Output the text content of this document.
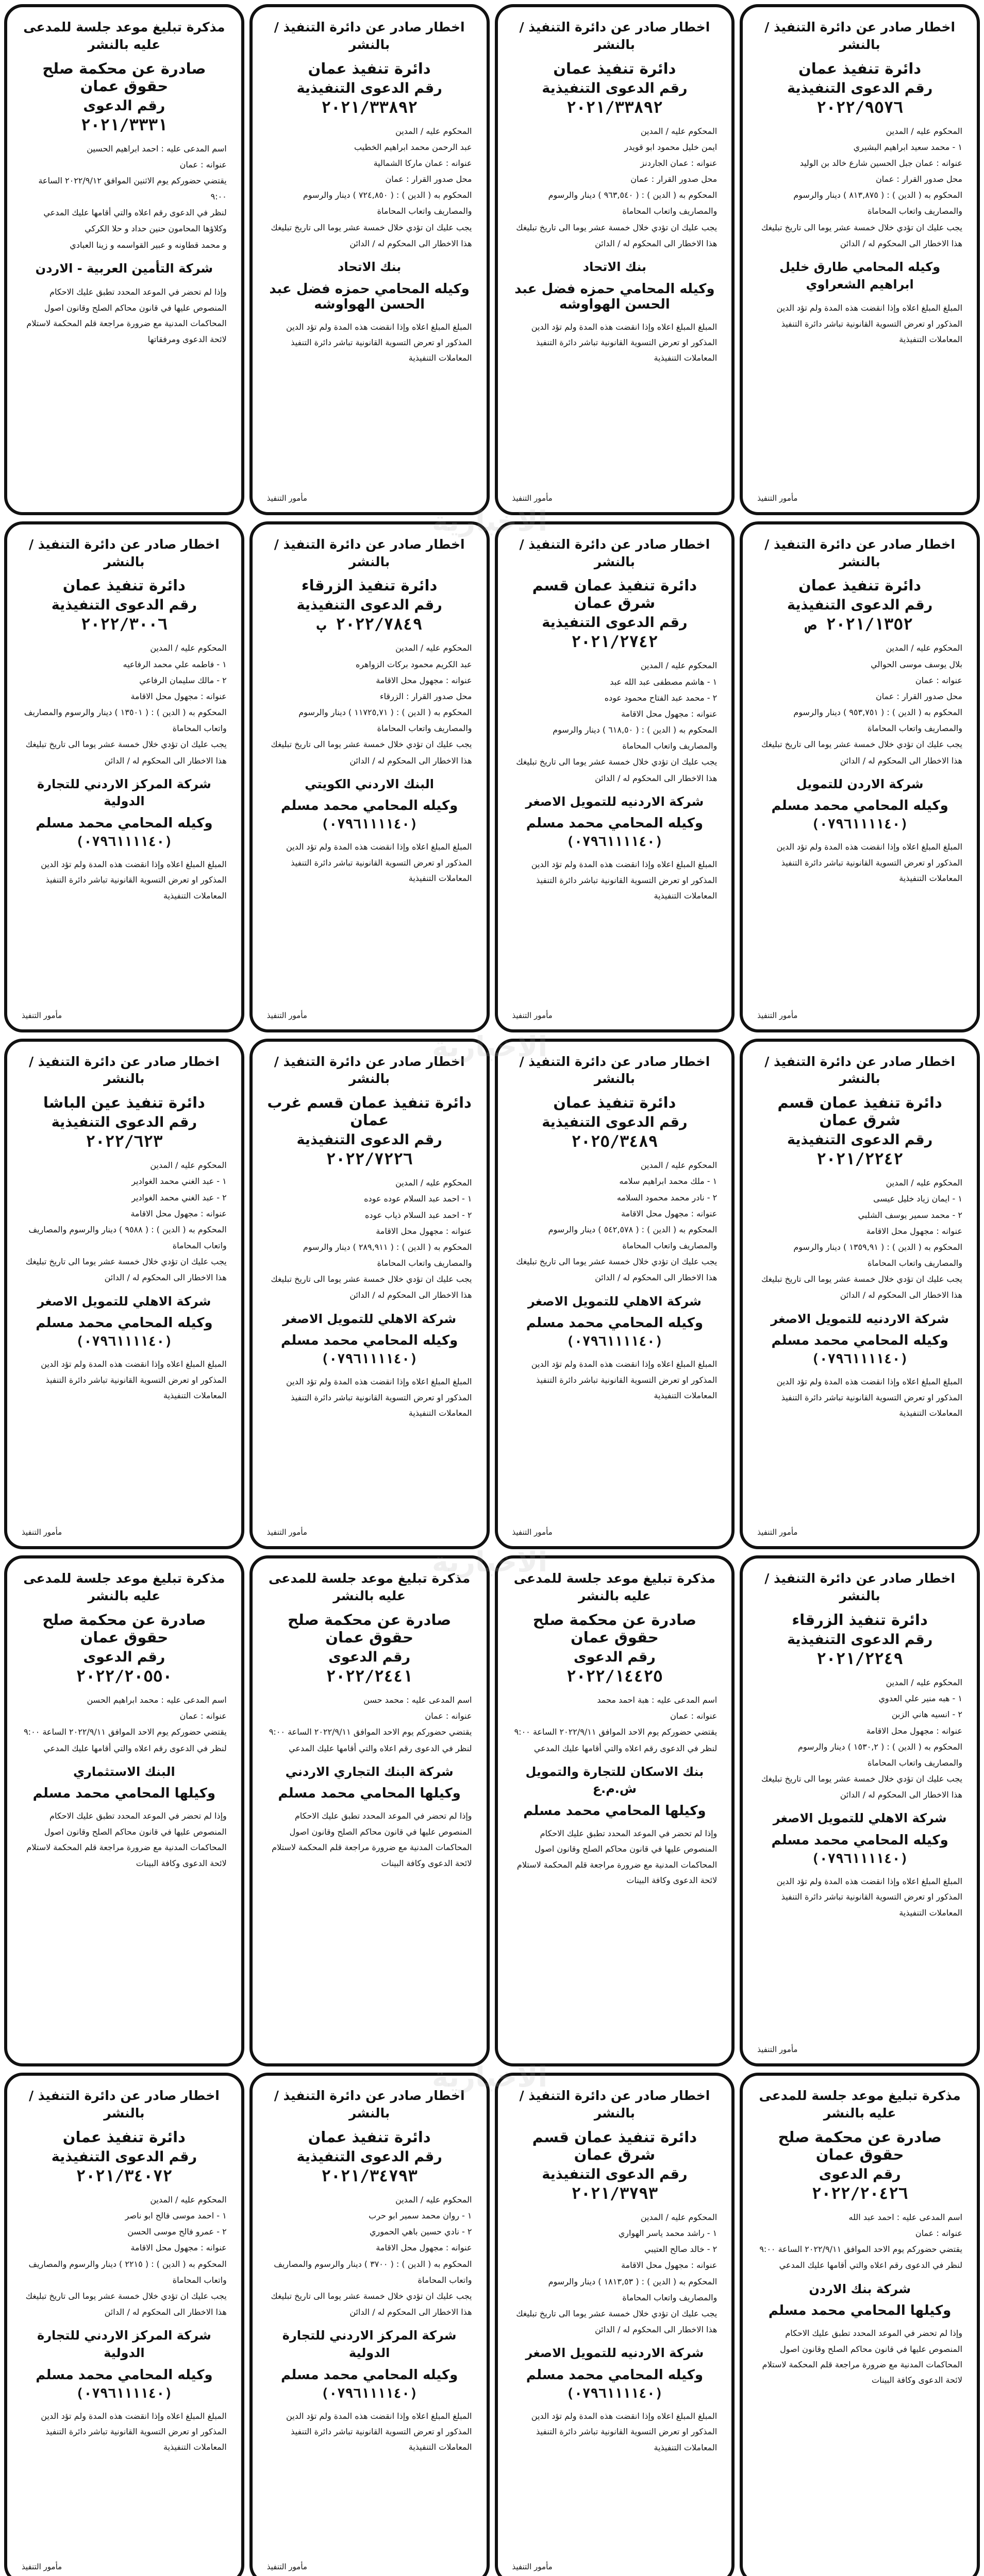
اخطار صادر عن دائرة التنفيذ / بالنشر
دائرة تنفيذ عمان
رقم الدعوى التنفيذية
٢٠٢٢/٩٥٧٦
المحكوم عليه / المدين
١ - محمد سعيد ابراهيم البشيري
عنوانه : عمان جبل الحسين شارع خالد بن الوليد
محل صدور القرار : عمان
المحكوم به ( الدين ) : ( ٨١٣,٨٧٥ ) دينار والرسوم والمصاريف واتعاب المحاماة
يجب عليك ان تؤدي خلال خمسة عشر يوما الى تاريخ تبليغك هذا الاخطار الى المحكوم له / الدائن
وكيله المحامي طارق خليل ابراهيم الشعراوي
المبلغ المبلغ اعلاه وإذا انقضت هذه المدة ولم تؤد الدين المذكور او تعرض التسوية القانونية تباشر دائرة التنفيذ المعاملات التنفيذية
مأمور التنفيذ
اخطار صادر عن دائرة التنفيذ / بالنشر
دائرة تنفيذ عمان
رقم الدعوى التنفيذية
٢٠٢١/٣٣٨٩٢
المحكوم عليه / المدين
ايمن خليل محمود ابو قويدر
عنوانه : عمان الجاردنز
محل صدور القرار : عمان
المحكوم به ( الدين ) : ( ٩٦٣,٥٤٠ ) دينار والرسوم والمصاريف واتعاب المحاماة
يجب عليك ان تؤدي خلال خمسة عشر يوما الى تاريخ تبليغك هذا الاخطار الى المحكوم له / الدائن
بنك الاتحاد
وكيله المحامي حمزه فضل عبد الحسن الهواوشه
المبلغ المبلغ اعلاه وإذا انقضت هذه المدة ولم تؤد الدين المذكور او تعرض التسوية القانونية تباشر دائرة التنفيذ المعاملات التنفيذية
مأمور التنفيذ
اخطار صادر عن دائرة التنفيذ / بالنشر
دائرة تنفيذ عمان
رقم الدعوى التنفيذية
٢٠٢١/٣٣٨٩٢
المحكوم عليه / المدين
عبد الرحمن محمد ابراهيم الخطيب
عنوانه : عمان ماركا الشمالية
محل صدور القرار : عمان
المحكوم به ( الدين ) : ( ٧٢٤,٨٥٠ ) دينار والرسوم والمصاريف واتعاب المحاماة
يجب عليك ان تؤدي خلال خمسة عشر يوما الى تاريخ تبليغك هذا الاخطار الى المحكوم له / الدائن
بنك الاتحاد
وكيله المحامي حمزه فضل عبد الحسن الهواوشه
المبلغ المبلغ اعلاه وإذا انقضت هذه المدة ولم تؤد الدين المذكور او تعرض التسوية القانونية تباشر دائرة التنفيذ المعاملات التنفيذية
مأمور التنفيذ
مذكرة تبليغ موعد جلسة للمدعى عليه بالنشر
صادرة عن محكمة صلح حقوق عمان
رقم الدعوى
٢٠٢١/٣٣٣١
اسم المدعى عليه : احمد ابراهيم الحسين
عنوانه : عمان
يقتضي حضوركم يوم الاثنين الموافق ٢٠٢٢/٩/١٢ الساعة ٩:٠٠
لنظر في الدعوى رقم اعلاه والتي أقامها عليك المدعي
وكلاؤها المحامون حنين حداد و حلا الكركي
و محمد قطاونه و عبير القواسمه و زينا العبادي
شركة التأمين العربية - الاردن
وإذا لم تحضر في الموعد المحدد تطبق عليك الاحكام المنصوص عليها في قانون محاكم الصلح وقانون اصول المحاكمات المدنية مع ضرورة مراجعة قلم المحكمة لاستلام لائحة الدعوى ومرفقاتها
اخطار صادر عن دائرة التنفيذ / بالنشر
دائرة تنفيذ عمان
رقم الدعوى التنفيذية
٢٠٢١/١٣٥٢ ص
المحكوم عليه / المدين
بلال يوسف موسى الحوالي
عنوانه : عمان
محل صدور القرار : عمان
المحكوم به ( الدين ) : ( ٩٥٣,٧٥١ ) دينار والرسوم والمصاريف واتعاب المحاماة
يجب عليك ان تؤدي خلال خمسة عشر يوما الى تاريخ تبليغك هذا الاخطار الى المحكوم له / الدائن
شركة الاردن للتمويل
وكيله المحامي محمد مسلم
(٠٧٩٦١١١١٤٠)
المبلغ المبلغ اعلاه وإذا انقضت هذه المدة ولم تؤد الدين المذكور او تعرض التسوية القانونية تباشر دائرة التنفيذ المعاملات التنفيذية
مأمور التنفيذ
اخطار صادر عن دائرة التنفيذ / بالنشر
دائرة تنفيذ عمان قسم شرق عمان
رقم الدعوى التنفيذية
٢٠٢١/٢٧٤٢
المحكوم عليه / المدين
١ - هاشم مصطفى عبد الله عبد
٢ - محمد عبد الفتاح محمود عوده
عنوانه : مجهول محل الاقامة
المحكوم به ( الدين ) : ( ٦١٨,٥٠ ) دينار والرسوم والمصاريف واتعاب المحاماة
يجب عليك ان تؤدي خلال خمسة عشر يوما الى تاريخ تبليغك هذا الاخطار الى المحكوم له / الدائن
شركة الاردنيه للتمويل الاصغر
وكيله المحامي محمد مسلم
(٠٧٩٦١١١١٤٠)
المبلغ المبلغ اعلاه وإذا انقضت هذه المدة ولم تؤد الدين المذكور او تعرض التسوية القانونية تباشر دائرة التنفيذ المعاملات التنفيذية
مأمور التنفيذ
اخطار صادر عن دائرة التنفيذ / بالنشر
دائرة تنفيذ الزرقاء
رقم الدعوى التنفيذية
٢٠٢٢/٧٨٤٩ ب
المحكوم عليه / المدين
عبد الكريم محمود بركات الزواهره
عنوانه : مجهول محل الاقامة
محل صدور القرار : الزرقاء
المحكوم به ( الدين ) : ( ١١٧٢٥,٧١ ) دينار والرسوم والمصاريف واتعاب المحاماة
يجب عليك ان تؤدي خلال خمسة عشر يوما الى تاريخ تبليغك هذا الاخطار الى المحكوم له / الدائن
البنك الاردني الكويتي
وكيله المحامي محمد مسلم
(٠٧٩٦١١١١٤٠)
المبلغ المبلغ اعلاه وإذا انقضت هذه المدة ولم تؤد الدين المذكور او تعرض التسوية القانونية تباشر دائرة التنفيذ المعاملات التنفيذية
مأمور التنفيذ
اخطار صادر عن دائرة التنفيذ / بالنشر
دائرة تنفيذ عمان
رقم الدعوى التنفيذية
٢٠٢٢/٣٠٠٦
المحكوم عليه / المدين
١ - فاطمه علي محمد الرفاعيه
٢ - مالك سليمان الرفاعي
عنوانه : مجهول محل الاقامة
المحكوم به ( الدين ) : ( ١٣٥٠١ ) دينار والرسوم والمصاريف واتعاب المحاماة
يجب عليك ان تؤدي خلال خمسة عشر يوما الى تاريخ تبليغك هذا الاخطار الى المحكوم له / الدائن
شركة المركز الاردني للتجارة الدولية
وكيله المحامي محمد مسلم
(٠٧٩٦١١١١٤٠)
المبلغ المبلغ اعلاه وإذا انقضت هذه المدة ولم تؤد الدين المذكور او تعرض التسوية القانونية تباشر دائرة التنفيذ المعاملات التنفيذية
مأمور التنفيذ
اخطار صادر عن دائرة التنفيذ / بالنشر
دائرة تنفيذ عمان قسم شرق عمان
رقم الدعوى التنفيذية
٢٠٢١/٢٢٤٢
المحكوم عليه / المدين
١ - ايمان زياد خليل عيسى
٢ - محمد سمير يوسف الشلبي
عنوانه : مجهول محل الاقامة
المحكوم به ( الدين ) : ( ١٣٥٩,٩١ ) دينار والرسوم والمصاريف واتعاب المحاماة
يجب عليك ان تؤدي خلال خمسة عشر يوما الى تاريخ تبليغك هذا الاخطار الى المحكوم له / الدائن
شركة الاردنيه للتمويل الاصغر
وكيله المحامي محمد مسلم
(٠٧٩٦١١١١٤٠)
المبلغ المبلغ اعلاه وإذا انقضت هذه المدة ولم تؤد الدين المذكور او تعرض التسوية القانونية تباشر دائرة التنفيذ المعاملات التنفيذية
مأمور التنفيذ
اخطار صادر عن دائرة التنفيذ / بالنشر
دائرة تنفيذ عمان
رقم الدعوى التنفيذية
٢٠٢٥/٣٤٨٩
المحكوم عليه / المدين
١ - ملك محمد ابراهيم سلامه
٢ - نادر محمد محمود السلامه
عنوانه : مجهول محل الاقامة
المحكوم به ( الدين ) : ( ٥٤٢,٥٧٨ ) دينار والرسوم والمصاريف واتعاب المحاماة
يجب عليك ان تؤدي خلال خمسة عشر يوما الى تاريخ تبليغك هذا الاخطار الى المحكوم له / الدائن
شركة الاهلي للتمويل الاصغر
وكيله المحامي محمد مسلم
(٠٧٩٦١١١١٤٠)
المبلغ المبلغ اعلاه وإذا انقضت هذه المدة ولم تؤد الدين المذكور او تعرض التسوية القانونية تباشر دائرة التنفيذ المعاملات التنفيذية
مأمور التنفيذ
اخطار صادر عن دائرة التنفيذ / بالنشر
دائرة تنفيذ عمان قسم غرب عمان
رقم الدعوى التنفيذية
٢٠٢٢/٧٢٢٦
المحكوم عليه / المدين
١ - احمد عبد السلام عوده عوده
٢ - احمد عبد السلام ذياب عوده
عنوانه : مجهول محل الاقامة
المحكوم به ( الدين ) : ( ٢٨٩,٩١١ ) دينار والرسوم والمصاريف واتعاب المحاماة
يجب عليك ان تؤدي خلال خمسة عشر يوما الى تاريخ تبليغك هذا الاخطار الى المحكوم له / الدائن
شركة الاهلي للتمويل الاصغر
وكيله المحامي محمد مسلم
(٠٧٩٦١١١١٤٠)
المبلغ المبلغ اعلاه وإذا انقضت هذه المدة ولم تؤد الدين المذكور او تعرض التسوية القانونية تباشر دائرة التنفيذ المعاملات التنفيذية
مأمور التنفيذ
اخطار صادر عن دائرة التنفيذ / بالنشر
دائرة تنفيذ عين الباشا
رقم الدعوى التنفيذية
٢٠٢٢/٦٢٣
المحكوم عليه / المدين
١ - عبد الغني محمد الغوادير
٢ - عبد الغني محمد الغوادير
عنوانه : مجهول محل الاقامة
المحكوم به ( الدين ) : ( ٩٥٨٨ ) دينار والرسوم والمصاريف واتعاب المحاماة
يجب عليك ان تؤدي خلال خمسة عشر يوما الى تاريخ تبليغك هذا الاخطار الى المحكوم له / الدائن
شركة الاهلي للتمويل الاصغر
وكيله المحامي محمد مسلم
(٠٧٩٦١١١١٤٠)
المبلغ المبلغ اعلاه وإذا انقضت هذه المدة ولم تؤد الدين المذكور او تعرض التسوية القانونية تباشر دائرة التنفيذ المعاملات التنفيذية
مأمور التنفيذ
اخطار صادر عن دائرة التنفيذ / بالنشر
دائرة تنفيذ الزرقاء
رقم الدعوى التنفيذية
٢٠٢١/٢٢٤٩
المحكوم عليه / المدين
١ - هبه منير علي العدوي
٢ - انسيه هاني الزبن
عنوانه : مجهول محل الاقامة
المحكوم به ( الدين ) : ( ١٥٣٠,٢ ) دينار والرسوم والمصاريف واتعاب المحاماة
يجب عليك ان تؤدي خلال خمسة عشر يوما الى تاريخ تبليغك هذا الاخطار الى المحكوم له / الدائن
شركة الاهلي للتمويل الاصغر
وكيله المحامي محمد مسلم
(٠٧٩٦١١١١٤٠)
المبلغ المبلغ اعلاه وإذا انقضت هذه المدة ولم تؤد الدين المذكور او تعرض التسوية القانونية تباشر دائرة التنفيذ المعاملات التنفيذية
مأمور التنفيذ
مذكرة تبليغ موعد جلسة للمدعى عليه بالنشر
صادرة عن محكمة صلح حقوق عمان
رقم الدعوى
٢٠٢٢/١٤٤٢٥
اسم المدعى عليه : هبة احمد محمد
عنوانه : عمان
يقتضي حضوركم يوم الاحد الموافق ٢٠٢٢/٩/١١ الساعة ٩:٠٠
لنظر في الدعوى رقم اعلاه والتي أقامها عليك المدعي
بنك الاسكان للتجارة والتمويل ش.م.ع
وكيلها المحامي محمد مسلم
وإذا لم تحضر في الموعد المحدد تطبق عليك الاحكام المنصوص عليها في قانون محاكم الصلح وقانون اصول المحاكمات المدنية مع ضرورة مراجعة قلم المحكمة لاستلام لائحة الدعوى وكافة البينات
مذكرة تبليغ موعد جلسة للمدعى عليه بالنشر
صادرة عن محكمة صلح حقوق عمان
رقم الدعوى
٢٠٢٢/٢٤٤١
اسم المدعى عليه : محمد حسن
عنوانه : عمان
يقتضي حضوركم يوم الاحد الموافق ٢٠٢٢/٩/١١ الساعة ٩:٠٠
لنظر في الدعوى رقم اعلاه والتي أقامها عليك المدعي
شركة البنك التجاري الاردني
وكيلها المحامي محمد مسلم
وإذا لم تحضر في الموعد المحدد تطبق عليك الاحكام المنصوص عليها في قانون محاكم الصلح وقانون اصول المحاكمات المدنية مع ضرورة مراجعة قلم المحكمة لاستلام لائحة الدعوى وكافة البينات
مذكرة تبليغ موعد جلسة للمدعى عليه بالنشر
صادرة عن محكمة صلح حقوق عمان
رقم الدعوى
٢٠٢٢/٢٠٥٥٠
اسم المدعى عليه : محمد ابراهيم الحسن
عنوانه : عمان
يقتضي حضوركم يوم الاحد الموافق ٢٠٢٢/٩/١١ الساعة ٩:٠٠
لنظر في الدعوى رقم اعلاه والتي أقامها عليك المدعي
البنك الاستثماري
وكيلها المحامي محمد مسلم
وإذا لم تحضر في الموعد المحدد تطبق عليك الاحكام المنصوص عليها في قانون محاكم الصلح وقانون اصول المحاكمات المدنية مع ضرورة مراجعة قلم المحكمة لاستلام لائحة الدعوى وكافة البينات
مذكرة تبليغ موعد جلسة للمدعى عليه بالنشر
صادرة عن محكمة صلح حقوق عمان
رقم الدعوى
٢٠٢٢/٢٠٤٢٦
اسم المدعى عليه : احمد عبد الله
عنوانه : عمان
يقتضي حضوركم يوم الاحد الموافق ٢٠٢٢/٩/١١ الساعة ٩:٠٠
لنظر في الدعوى رقم اعلاه والتي أقامها عليك المدعي
شركة بنك الاردن
وكيلها المحامي محمد مسلم
وإذا لم تحضر في الموعد المحدد تطبق عليك الاحكام المنصوص عليها في قانون محاكم الصلح وقانون اصول المحاكمات المدنية مع ضرورة مراجعة قلم المحكمة لاستلام لائحة الدعوى وكافة البينات
اخطار صادر عن دائرة التنفيذ / بالنشر
دائرة تنفيذ عمان قسم شرق عمان
رقم الدعوى التنفيذية
٢٠٢١/٣٧٩٣
المحكوم عليه / المدين
١ - راشد محمد ياسر الهواري
٢ - خالد صالح العتيبي
عنوانه : مجهول محل الاقامة
المحكوم به ( الدين ) : ( ١٨١٣,٥٣ ) دينار والرسوم والمصاريف واتعاب المحاماة
يجب عليك ان تؤدي خلال خمسة عشر يوما الى تاريخ تبليغك هذا الاخطار الى المحكوم له / الدائن
شركة الاردنيه للتمويل الاصغر
وكيله المحامي محمد مسلم
(٠٧٩٦١١١١٤٠)
المبلغ المبلغ اعلاه وإذا انقضت هذه المدة ولم تؤد الدين المذكور او تعرض التسوية القانونية تباشر دائرة التنفيذ المعاملات التنفيذية
مأمور التنفيذ
اخطار صادر عن دائرة التنفيذ / بالنشر
دائرة تنفيذ عمان
رقم الدعوى التنفيذية
٢٠٢١/٣٤٧٩٣
المحكوم عليه / المدين
١ - روان محمد سمير ابو حرب
٢ - نادي حسين باهي الحموري
عنوانه : مجهول محل الاقامة
المحكوم به ( الدين ) : ( ٣٧٠٠ ) دينار والرسوم والمصاريف واتعاب المحاماة
يجب عليك ان تؤدي خلال خمسة عشر يوما الى تاريخ تبليغك هذا الاخطار الى المحكوم له / الدائن
شركة المركز الاردني للتجارة الدولية
وكيله المحامي محمد مسلم
(٠٧٩٦١١١١٤٠)
المبلغ المبلغ اعلاه وإذا انقضت هذه المدة ولم تؤد الدين المذكور او تعرض التسوية القانونية تباشر دائرة التنفيذ المعاملات التنفيذية
مأمور التنفيذ
اخطار صادر عن دائرة التنفيذ / بالنشر
دائرة تنفيذ عمان
رقم الدعوى التنفيذية
٢٠٢١/٣٤٠٧٢
المحكوم عليه / المدين
١ - احمد موسى فالح ابو ناصر
٢ - عمرو فالح موسى الحسن
عنوانه : مجهول محل الاقامة
المحكوم به ( الدين ) : ( ٢٢١٥ ) دينار والرسوم والمصاريف واتعاب المحاماة
يجب عليك ان تؤدي خلال خمسة عشر يوما الى تاريخ تبليغك هذا الاخطار الى المحكوم له / الدائن
شركة المركز الاردني للتجارة الدولية
وكيله المحامي محمد مسلم
(٠٧٩٦١١١١٤٠)
المبلغ المبلغ اعلاه وإذا انقضت هذه المدة ولم تؤد الدين المذكور او تعرض التسوية القانونية تباشر دائرة التنفيذ المعاملات التنفيذية
مأمور التنفيذ
الاخبارية
الاخبارية
الاخبارية
الاخبارية
